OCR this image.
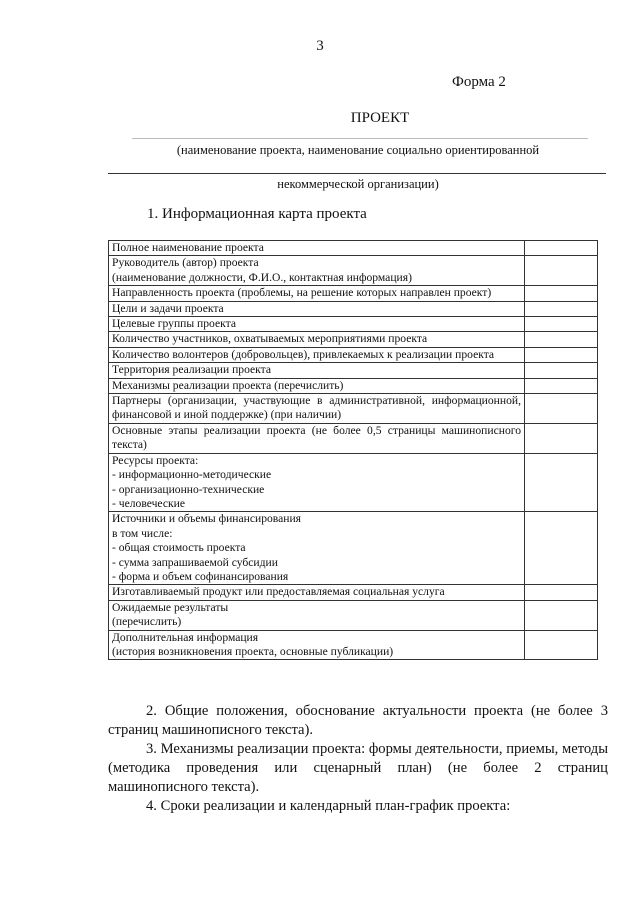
3
Форма 2
ПРОЕКТ
(наименование проекта, наименование социально ориентированной
некоммерческой организации)
1. Информационная карта проекта
Полное наименование проекта	

Руководитель (автор) проекта
(наименование должности, Ф.И.О., контактная информация)	

Направленность проекта (проблемы, на решение которых направлен проект)	

Цели и задачи проекта	

Целевые группы проекта	

Количество участников, охватываемых мероприятиями проекта	

Количество волонтеров (добровольцев), привлекаемых к реализации проекта	

Территория реализации проекта	

Механизмы реализации проекта (перечислить)	

Партнеры (организации, участвующие в административной, информационной, финансовой и иной поддержке) (при наличии)	

Основные этапы реализации проекта (не более 0,5 страницы машинописного текста)	

Ресурсы проекта:
- информационно-методические
- организационно-технические
- человеческие	

Источники и объемы финансирования
в том числе:
- общая стоимость проекта
- сумма запрашиваемой субсидии
- форма и объем софинансирования	

Изготавливаемый продукт или предоставляемая социальная услуга	

Ожидаемые результаты
(перечислить)	

Дополнительная информация
(история возникновения проекта, основные публикации)	

2. Общие положения, обоснование актуальности проекта (не более 3 страниц машинописного текста).
3. Механизмы реализации проекта: формы деятельности, приемы, методы (методика проведения или сценарный план) (не более 2 страниц машинописного текста).
4. Сроки реализации и календарный план-график проекта:
